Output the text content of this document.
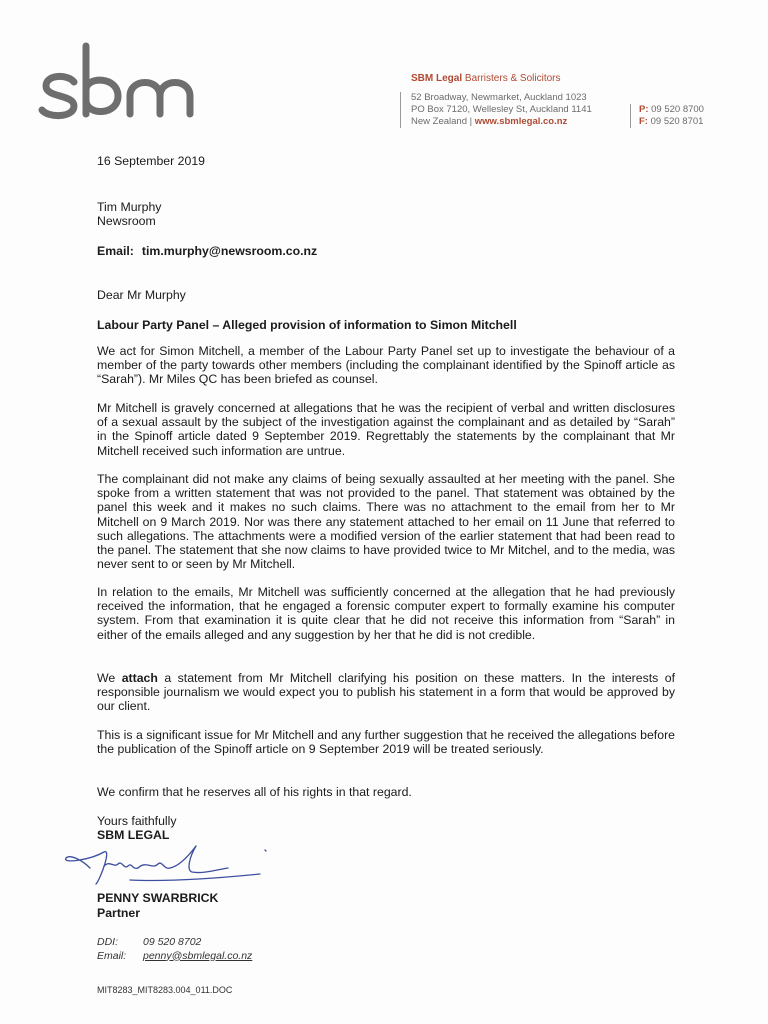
SBM Legal Barristers & Solicitors
52 Broadway, Newmarket, Auckland 1023
PO Box 7120, Wellesley St, Auckland 1141
New Zealand | www.sbmlegal.co.nz
P: 09 520 8700
F: 09 520 8701
16 September 2019
Tim Murphy
Newsroom
Email: tim.murphy@newsroom.co.nz
Dear Mr Murphy
Labour Party Panel – Alleged provision of information to Simon Mitchell
We act for Simon Mitchell, a member of the Labour Party Panel set up to investigate the behaviour of a member of the party towards other members (including the complainant identified by the Spinoff article as “Sarah”). Mr Miles QC has been briefed as counsel.
Mr Mitchell is gravely concerned at allegations that he was the recipient of verbal and written disclosures of a sexual assault by the subject of the investigation against the complainant and as detailed by “Sarah” in the Spinoff article dated 9 September 2019. Regrettably the statements by the complainant that Mr Mitchell received such information are untrue.
The complainant did not make any claims of being sexually assaulted at her meeting with the panel. She spoke from a written statement that was not provided to the panel. That statement was obtained by the panel this week and it makes no such claims. There was no attachment to the email from her to Mr Mitchell on 9 March 2019. Nor was there any statement attached to her email on 11 June that referred to such allegations. The attachments were a modified version of the earlier statement that had been read to the panel. The statement that she now claims to have provided twice to Mr Mitchel, and to the media, was never sent to or seen by Mr Mitchell.
In relation to the emails, Mr Mitchell was sufficiently concerned at the allegation that he had previously received the information, that he engaged a forensic computer expert to formally examine his computer system. From that examination it is quite clear that he did not receive this information from “Sarah” in either of the emails alleged and any suggestion by her that he did is not credible.
We attach a statement from Mr Mitchell clarifying his position on these matters. In the interests of responsible journalism we would expect you to publish his statement in a form that would be approved by our client.
This is a significant issue for Mr Mitchell and any further suggestion that he received the allegations before the publication of the Spinoff article on 9 September 2019 will be treated seriously.
We confirm that he reserves all of his rights in that regard.
Yours faithfully
SBM LEGAL
PENNY SWARBRICK
Partner
DDI: 09 520 8702
Email: penny@sbmlegal.co.nz
MIT8283_MIT8283.004_011.DOC
